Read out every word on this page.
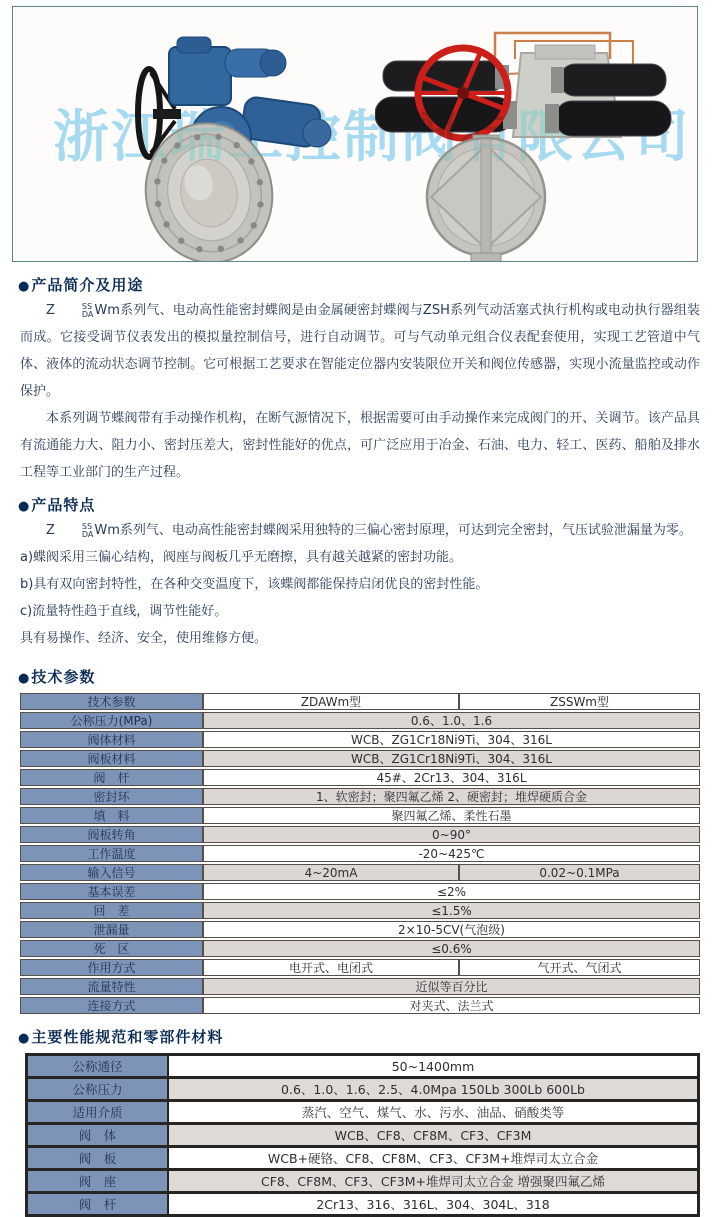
浙江瑞工控制阀有限公司
●产品简介及用途

Z	SS
DA Wm系列气、电动高性能密封蝶阀是由金属硬密封蝶阀与ZSH系列气动活塞式执行机构或电动执行器组装而成。它接受调节仪表发出的模拟量控制信号，进行自动调节。可与气动单元组合仪表配套使用，实现工艺管道中气体、液体的流动状态调节控制。它可根据工艺要求在智能定位器内安装限位开关和阀位传感器，实现小流量监控或动作保护。

本系列调节蝶阀带有手动操作机构，在断气源情况下，根据需要可由手动操作来完成阀门的开、关调节。该产品具有流通能力大、阻力小、密封压差大，密封性能好的优点，可广泛应用于冶金、石油、电力、轻工、医药、船舶及排水工程等工业部门的生产过程。

●产品特点

Z	SS
DA Wm系列气、电动高性能密封蝶阀采用独特的三偏心密封原理，可达到完全密封，气压试验泄漏量为零。

a)蝶阀采用三偏心结构，阀座与阀板几乎无磨擦，具有越关越紧的密封功能。

b)具有双向密封特性，在各种交变温度下，该蝶阀都能保持启闭优良的密封性能。

c)流量特性趋于直线，调节性能好。

具有易操作、经济、安全，使用维修方便。

●技术参数
技术参数	ZDAWm型	ZSSWm型
公称压力(MPa)	0.6、1.0、1.6
阀体材料	WCB、ZG1Cr18Ni9Ti、304、316L
阀板材料	WCB、ZG1Cr18Ni9Ti、304、316L
阀　杆	45#、2Cr13、304、316L
密封环	1、软密封；聚四氟乙烯 2、硬密封；堆焊硬质合金
填　料	聚四氟乙烯、柔性石墨
阀板转角	0~90°
工作温度	-20~425℃
输入信号	4~20mA	0.02~0.1MPa
基本误差	≤2%
回　差	≤1.5%
泄漏量	2×10-5CV(气泡级)
死　区	≤0.6%
作用方式	电开式、电闭式	气开式、气闭式
流量特性	近似等百分比
连接方式	对夹式、法兰式
●主要性能规范和零部件材料
公称通径	50~1400mm
公称压力	0.6、1.0、1.6、2.5、4.0Mpa 150Lb 300Lb 600Lb
适用介质	蒸汽、空气、煤气、水、污水、油品、硝酸类等
阀　体	WCB、CF8、CF8M、CF3、CF3M
阀　板	WCB+硬铬、CF8、CF8M、CF3、CF3M+堆焊司太立合金
阀　座	CF8、CF8M、CF3、CF3M+堆焊司太立合金 增强聚四氟乙烯
阀　杆	2Cr13、316、316L、304、304L、318
